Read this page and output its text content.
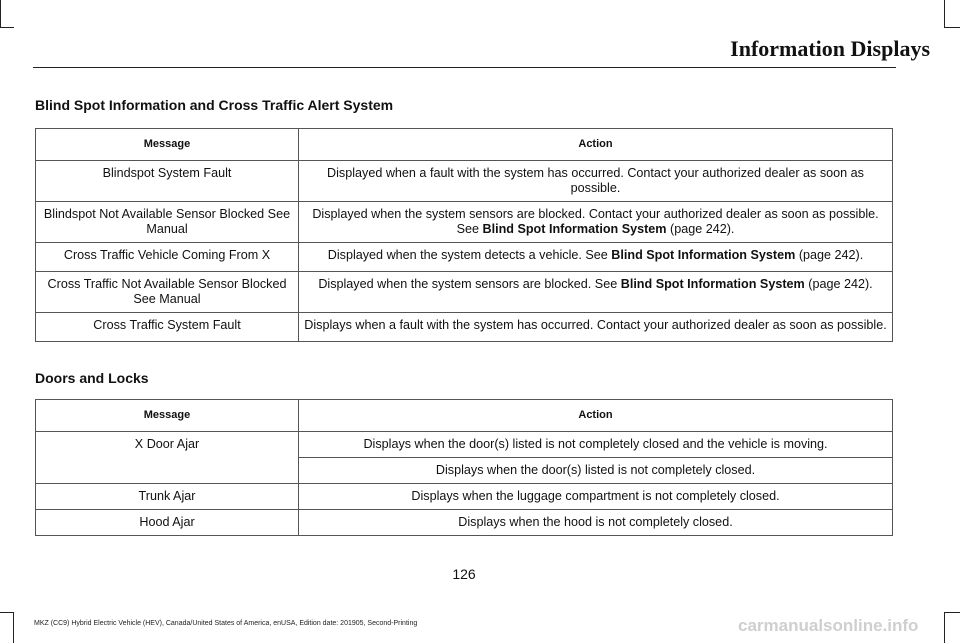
Information Displays
Blind Spot Information and Cross Traffic Alert System
Message	Action
Blindspot System Fault	Displayed when a fault with the system has occurred. Contact your authorized dealer as soon as possible.
Blindspot Not Available Sensor Blocked See Manual	Displayed when the system sensors are blocked. Contact your authorized dealer as soon as possible. See Blind Spot Information System (page 242).
Cross Traffic Vehicle Coming From X	Displayed when the system detects a vehicle. See Blind Spot Information System (page 242).
Cross Traffic Not Available Sensor Blocked See Manual	Displayed when the system sensors are blocked. See Blind Spot Information System (page 242).
Cross Traffic System Fault	Displays when a fault with the system has occurred. Contact your authorized dealer as soon as possible.
Doors and Locks
Message	Action
X Door Ajar	Displays when the door(s) listed is not completely closed and the vehicle is moving.
	Displays when the door(s) listed is not completely closed.
Trunk Ajar	Displays when the luggage compartment is not completely closed.
Hood Ajar	Displays when the hood is not completely closed.
126
MKZ (CC9) Hybrid Electric Vehicle (HEV), Canada/United States of America, enUSA, Edition date: 201905, Second-Printing	carmanualsonline.info
